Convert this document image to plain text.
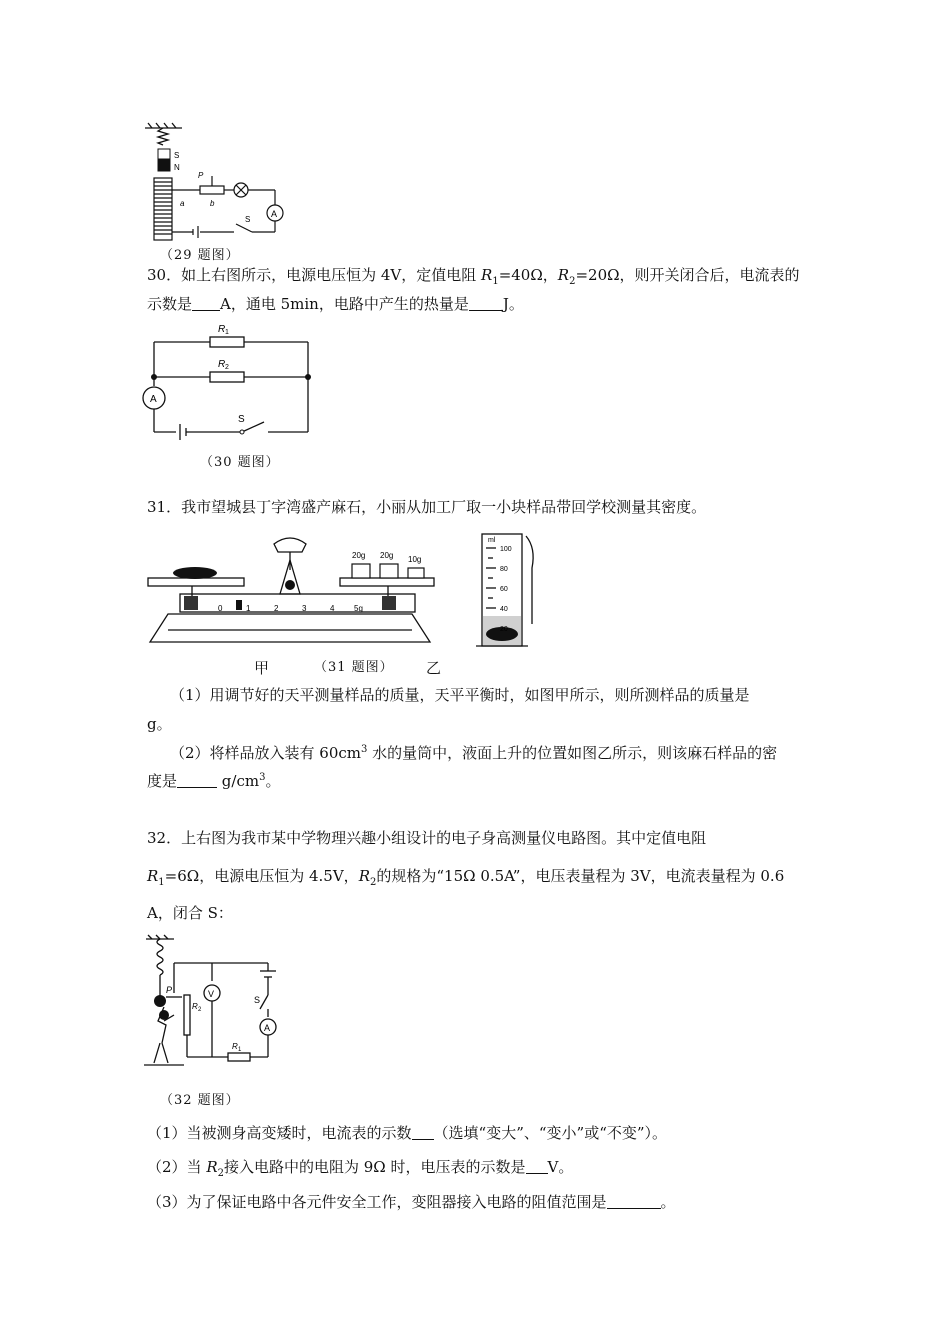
S
N
P
a	b
S
A
（29 题图）
30．如上右图所示，电源电压恒为 4V，定值电阻 $R_1=40\Omega$，$R_2=20\Omega$，则开关闭合后，电流表的
示数是 A，通电 5min，电路中产生的热量是 J。
R 1
R 2
A
S
（30 题图）
31．我市望城县丁字湾盛产麻石，小丽从加工厂取一小块样品带回学校测量其密度。
20g 20g 10g
0	1	2	3	4 5g
ml
100
80
60
40
20
甲	（31 题图） 乙
（1）用调节好的天平测量样品的质量，天平平衡时，如图甲所示，则所测样品的质量是
g。
（2）将样品放入装有 $60cm^3$ 水的量筒中，液面上升的位置如图乙所示，则该麻石样品的密
度是	$g/cm^3$。
32．上右图为我市某中学物理兴趣小组设计的电子身高测量仪电路图。其中定值电阻
$R_1=6\Omega$，电源电压恒为 4.5V，$R_2$的规格为“15Ω 0.5A”，电压表量程为 3V，电流表量程为 0.6
A，闭合 S：
P
R 2
V
A
S
R 1
（32 题图）
（1）当被测身高变矮时，电流表的示数 （选填“变大”、“变小”或“不变”）。
（2）当 $R_2$接入电路中的电阻为 9Ω 时，电压表的示数是 V。
（3）为了保证电路中各元件安全工作，变阻器接入电路的阻值范围是	。
